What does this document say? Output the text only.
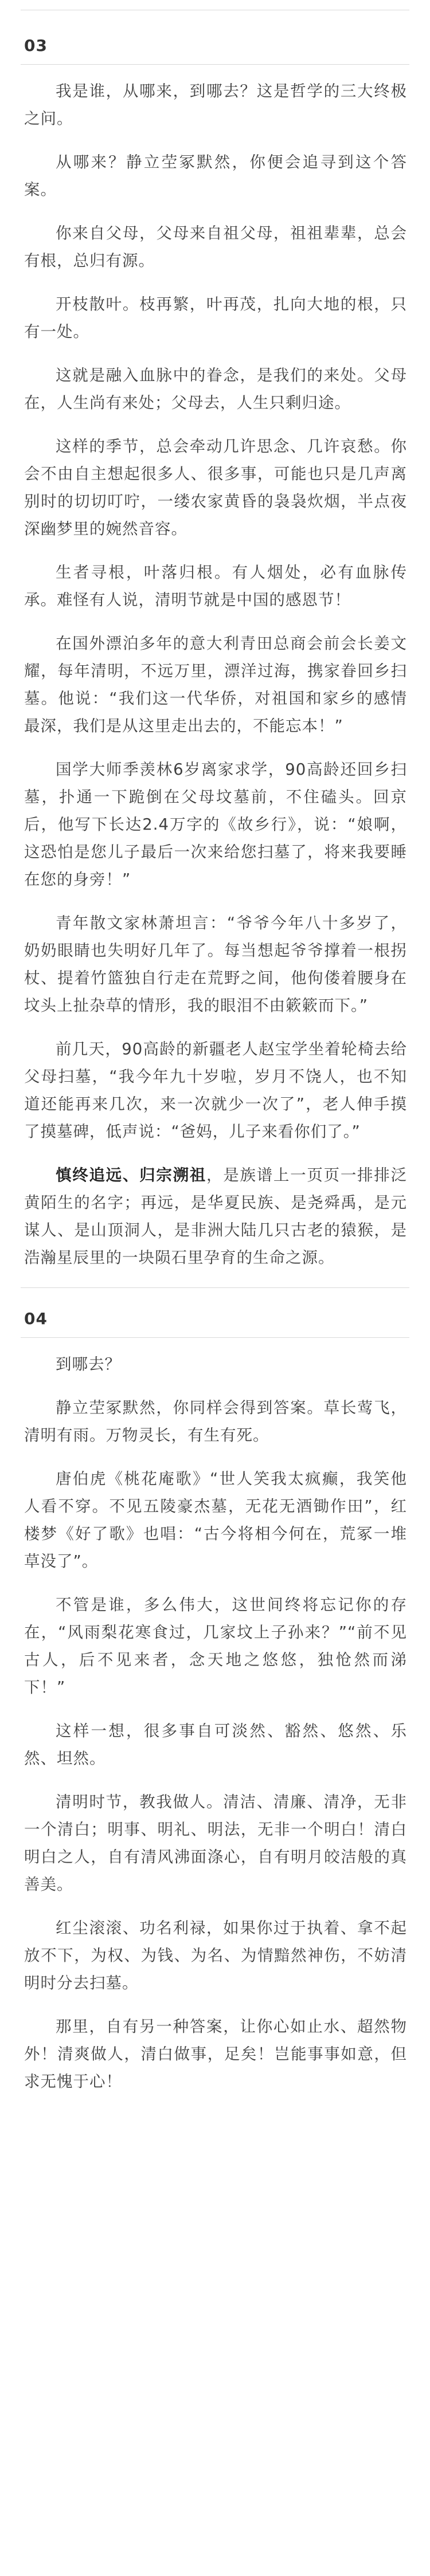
03

我是谁，从哪来，到哪去？这是哲学的三大终极之问。

从哪来？静立茔冢默然，你便会追寻到这个答案。

你来自父母，父母来自祖父母，祖祖辈辈，总会有根，总归有源。

开枝散叶。枝再繁，叶再茂，扎向大地的根，只有一处。

这就是融入血脉中的眷念，是我们的来处。父母在，人生尚有来处；父母去，人生只剩归途。

这样的季节，总会牵动几许思念、几许哀愁。你会不由自主想起很多人、很多事，可能也只是几声离别时的切切叮咛，一缕农家黄昏的袅袅炊烟，半点夜深幽梦里的婉然音容。

生者寻根，叶落归根。有人烟处，必有血脉传承。难怪有人说，清明节就是中国的感恩节！

在国外漂泊多年的意大利青田总商会前会长姜文耀，每年清明，不远万里，漂洋过海，携家眷回乡扫墓。他说：“我们这一代华侨，对祖国和家乡的感情最深，我们是从这里走出去的，不能忘本！”

国学大师季羡林6岁离家求学，90高龄还回乡扫墓，扑通一下跪倒在父母坟墓前，不住磕头。回京后，他写下长达2.4万字的《故乡行》，说：“娘啊，这恐怕是您儿子最后一次来给您扫墓了，将来我要睡在您的身旁！”

青年散文家林萧坦言：“爷爷今年八十多岁了，奶奶眼睛也失明好几年了。每当想起爷爷撑着一根拐杖、提着竹篮独自行走在荒野之间，他佝偻着腰身在坟头上扯杂草的情形，我的眼泪不由簌簌而下。”

前几天，90高龄的新疆老人赵宝学坐着轮椅去给父母扫墓，“我今年九十岁啦，岁月不饶人，也不知道还能再来几次，来一次就少一次了”，老人伸手摸了摸墓碑，低声说：“爸妈，儿子来看你们了。”

慎终追远、归宗溯祖，是族谱上一页页一排排泛黄陌生的名字；再远，是华夏民族、是尧舜禹，是元谋人、是山顶洞人，是非洲大陆几只古老的猿猴，是浩瀚星辰里的一块陨石里孕育的生命之源。

04

到哪去？

静立茔冢默然，你同样会得到答案。草长莺飞，清明有雨。万物灵长，有生有死。

唐伯虎《桃花庵歌》“世人笑我太疯癫，我笑他人看不穿。不见五陵豪杰墓，无花无酒锄作田”，红楼梦《好了歌》也唱：“古今将相今何在，荒冢一堆草没了”。

不管是谁，多么伟大，这世间终将忘记你的存在，“风雨梨花寒食过，几家坟上子孙来？”“前不见古人，后不见来者，念天地之悠悠，独怆然而涕下！”

这样一想，很多事自可淡然、豁然、悠然、乐然、坦然。

清明时节，教我做人。清洁、清廉、清净，无非一个清白；明事、明礼、明法，无非一个明白！清白明白之人，自有清风沸面涤心，自有明月皎洁般的真善美。

红尘滚滚、功名利禄，如果你过于执着、拿不起放不下，为权、为钱、为名、为情黯然神伤，不妨清明时分去扫墓。

那里，自有另一种答案，让你心如止水、超然物外！清爽做人，清白做事，足矣！岂能事事如意，但求无愧于心！
